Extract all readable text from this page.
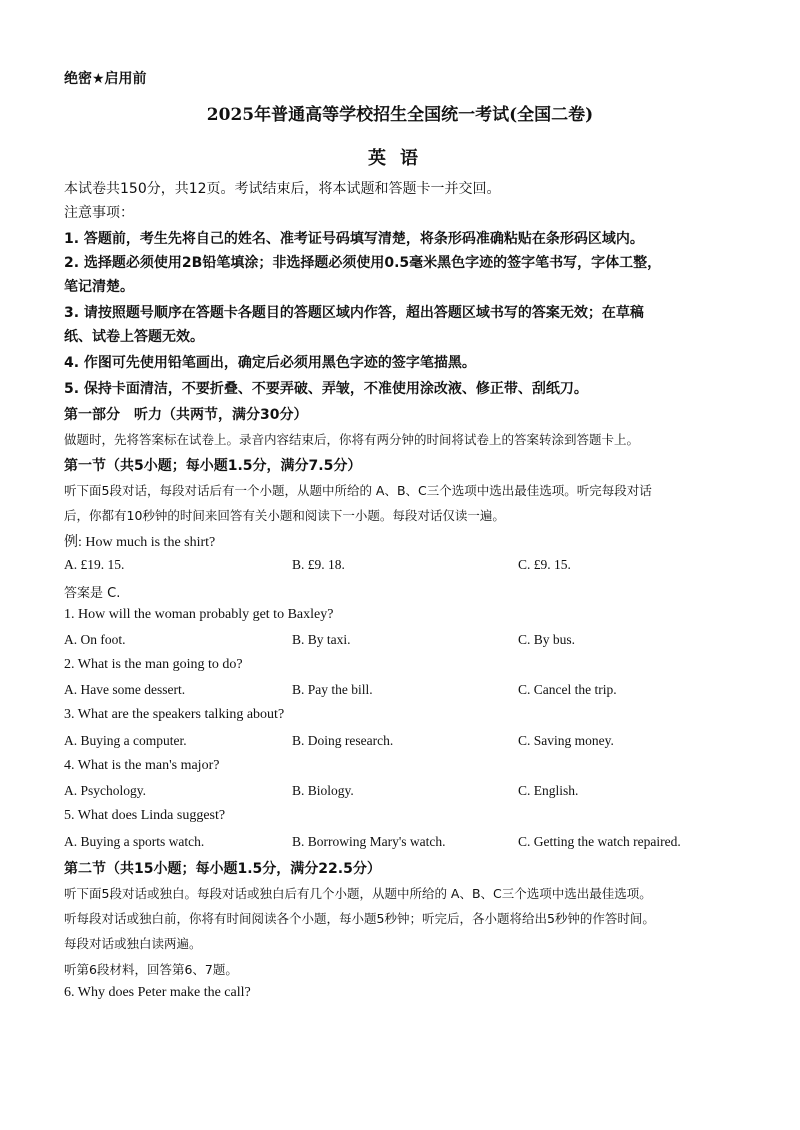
绝密★启用前
2025年普通高等学校招生全国统一考试(全国二卷)
英语
本试卷共150分，共12页。考试结束后，将本试题和答题卡一并交回。
注意事项：
1. 答题前，考生先将自己的姓名、准考证号码填写清楚，将条形码准确粘贴在条形码区域内。
2. 选择题必须使用2B铅笔填涂；非选择题必须使用0.5毫米黑色字迹的签字笔书写，字体工整，
笔记清楚。
3. 请按照题号顺序在答题卡各题目的答题区域内作答，超出答题区域书写的答案无效；在草稿
纸、试卷上答题无效。
4. 作图可先使用铅笔画出，确定后必须用黑色字迹的签字笔描黑。
5. 保持卡面清洁，不要折叠、不要弄破、弄皱，不准使用涂改液、修正带、刮纸刀。
第一部分　听力（共两节，满分30分）
做题时，先将答案标在试卷上。录音内容结束后，你将有两分钟的时间将试卷上的答案转涂到答题卡上。
第一节（共5小题；每小题1.5分，满分7.5分）
听下面5段对话，每段对话后有一个小题，从题中所给的 A、B、C三个选项中选出最佳选项。听完每段对话
后，你都有10秒钟的时间来回答有关小题和阅读下一小题。每段对话仅读一遍。
例: How much is the shirt?
A. £19. 15.	B. £9. 18.	C. £9. 15.
答案是 C.
1. How will the woman probably get to Baxley?
A. On foot.	B. By taxi.	C. By bus.
2. What is the man going to do?
A. Have some dessert.	B. Pay the bill.	C. Cancel the trip.
3. What are the speakers talking about?
A. Buying a computer.	B. Doing research.	C. Saving money.
4. What is the man's major?
A. Psychology.	B. Biology.	C. English.
5. What does Linda suggest?
A. Buying a sports watch.	B. Borrowing Mary's watch.	C. Getting the watch repaired.
第二节（共15小题；每小题1.5分，满分22.5分）
听下面5段对话或独白。每段对话或独白后有几个小题，从题中所给的 A、B、C三个选项中选出最佳选项。
听每段对话或独白前，你将有时间阅读各个小题，每小题5秒钟；听完后，各小题将给出5秒钟的作答时间。
每段对话或独白读两遍。
听第6段材料，回答第6、7题。
6. Why does Peter make the call?
